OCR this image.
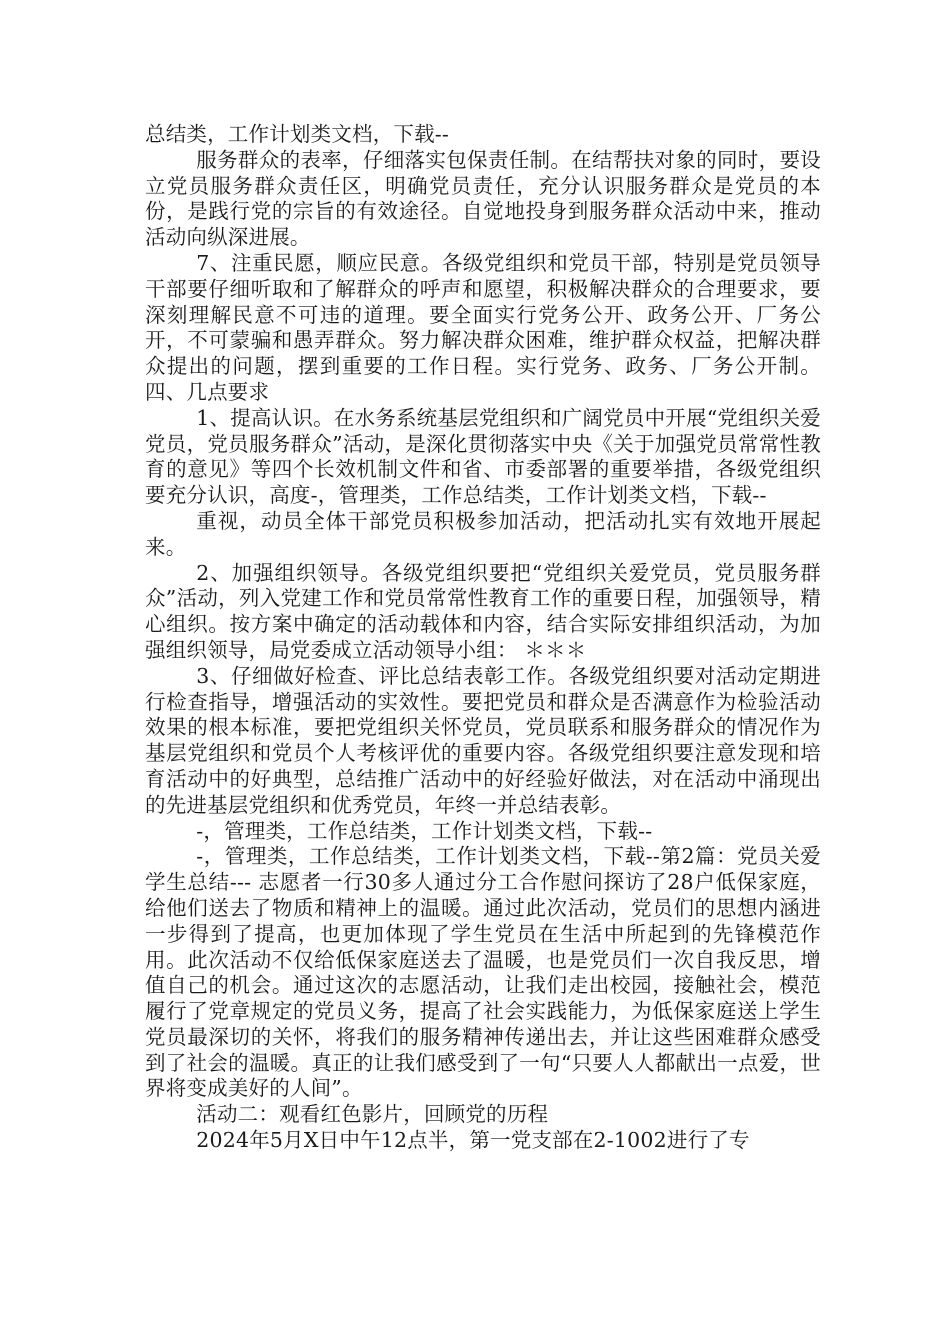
总结类，工作计划类文档，下载--

服务群众的表率，仔细落实包保责任制。在结帮扶对象的同时，要设立党员服务群众责任区，明确党员责任，充分认识服务群众是党员的本份，是践行党的宗旨的有效途径。自觉地投身到服务群众活动中来，推动活动向纵深进展。

7、注重民愿，顺应民意。各级党组织和党员干部，特别是党员领导干部要仔细听取和了解群众的呼声和愿望，积极解决群众的合理要求，要深刻理解民意不可违的道理。要全面实行党务公开、政务公开、厂务公开，不可蒙骗和愚弄群众。努力解决群众困难，维护群众权益，把解决群众提出的问题，摆到重要的工作日程。实行党务、政务、厂务公开制。 四、几点要求

1、提高认识。在水务系统基层党组织和广阔党员中开展“党组织关爱党员，党员服务群众”活动，是深化贯彻落实中央《关于加强党员常常性教育的意见》等四个长效机制文件和省、市委部署的重要举措，各级党组织要充分认识，高度-，管理类，工作总结类，工作计划类文档，下载--

重视，动员全体干部党员积极参加活动，把活动扎实有效地开展起来。

2、加强组织领导。各级党组织要把“党组织关爱党员，党员服务群众”活动，列入党建工作和党员常常性教育工作的重要日程，加强领导，精心组织。按方案中确定的活动载体和内容，结合实际安排组织活动，为加强组织领导，局党委成立活动领导小组： ＊＊＊

3、仔细做好检查、评比总结表彰工作。各级党组织要对活动定期进行检查指导，增强活动的实效性。要把党员和群众是否满意作为检验活动效果的根本标准，要把党组织关怀党员，党员联系和服务群众的情况作为基层党组织和党员个人考核评优的重要内容。各级党组织要注意发现和培育活动中的好典型，总结推广活动中的好经验好做法，对在活动中涌现出的先进基层党组织和优秀党员，年终一并总结表彰。

-，管理类，工作总结类，工作计划类文档，下载--

-，管理类，工作总结类，工作计划类文档，下载--第2篇：党员关爱学生总结--- 志愿者一行30多人通过分工合作慰问探访了28户低保家庭，给他们送去了物质和精神上的温暖。通过此次活动，党员们的思想内涵进一步得到了提高，也更加体现了学生党员在生活中所起到的先锋模范作用。此次活动不仅给低保家庭送去了温暖，也是党员们一次自我反思，增值自己的机会。通过这次的志愿活动，让我们走出校园，接触社会，模范履行了党章规定的党员义务，提高了社会实践能力，为低保家庭送上学生党员最深切的关怀，将我们的服务精神传递出去，并让这些困难群众感受到了社会的温暖。真正的让我们感受到了一句“只要人人都献出一点爱，世界将变成美好的人间”。

活动二：观看红色影片，回顾党的历程

2024年5月X日中午12点半，第一党支部在2-1002进行了专
